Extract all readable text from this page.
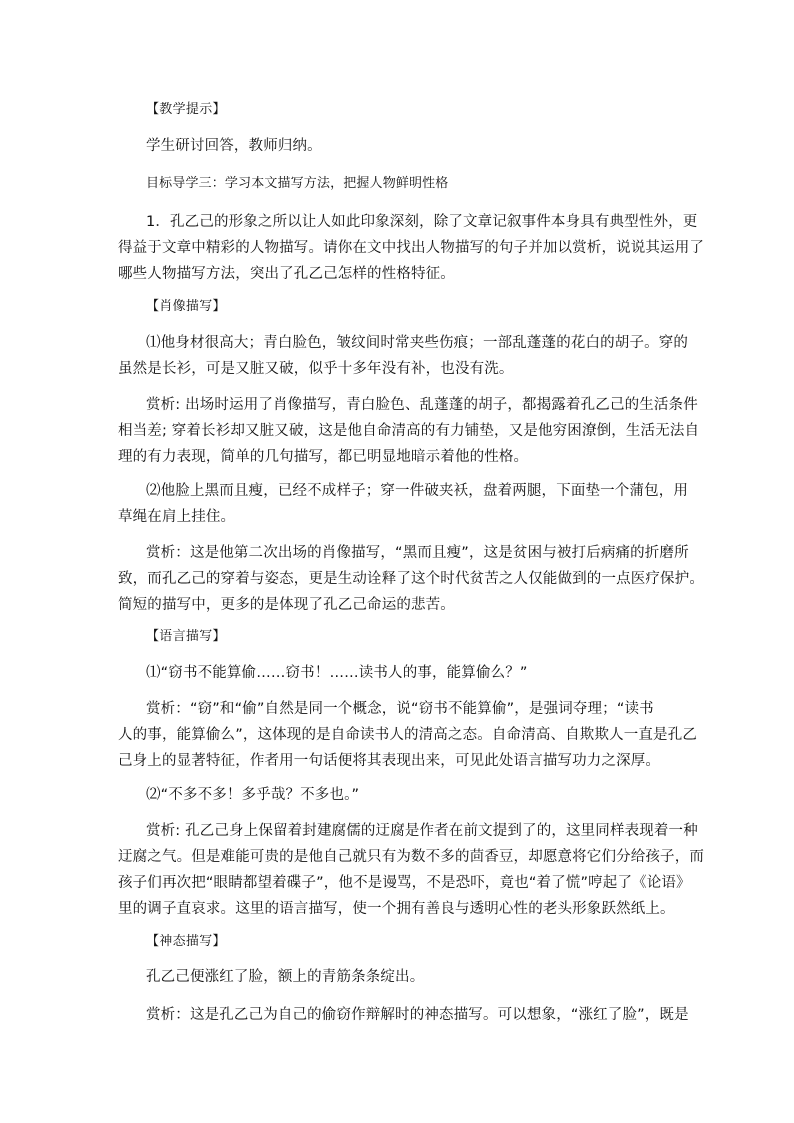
【教学提示】
学生研讨回答，教师归纳。
目标导学三：学习本文描写方法，把握人物鲜明性格
1．孔乙己的形象之所以让人如此印象深刻，除了文章记叙事件本身具有典型性外，更
得益于文章中精彩的人物描写。请你在文中找出人物描写的句子并加以赏析，说说其运用了
哪些人物描写方法，突出了孔乙己怎样的性格特征。
【肖像描写】
⑴他身材很高大；青白脸色，皱纹间时常夹些伤痕；一部乱蓬蓬的花白的胡子。穿的
虽然是长衫，可是又脏又破，似乎十多年没有补，也没有洗。
赏析: 出场时运用了肖像描写，青白脸色、乱蓬蓬的胡子，都揭露着孔乙己的生活条件
相当差; 穿着长衫却又脏又破，这是他自命清高的有力铺垫，又是他穷困潦倒，生活无法自
理的有力表现，简单的几句描写，都已明显地暗示着他的性格。
⑵他脸上黑而且瘦，已经不成样子；穿一件破夹袄，盘着两腿，下面垫一个蒲包，用
草绳在肩上挂住。
赏析：这是他第二次出场的肖像描写，“黑而且瘦”，这是贫困与被打后病痛的折磨所
致，而孔乙己的穿着与姿态，更是生动诠释了这个时代贫苦之人仅能做到的一点医疗保护。
简短的描写中，更多的是体现了孔乙己命运的悲苦。
【语言描写】
⑴“窃书不能算偷……窃书！……读书人的事，能算偷么？”
赏析：“窃”和“偷”自然是同一个概念，说“窃书不能算偷”，是强词夺理；“读书
人的事，能算偷么”，这体现的是自命读书人的清高之态。自命清高、自欺欺人一直是孔乙
己身上的显著特征，作者用一句话便将其表现出来，可见此处语言描写功力之深厚。
⑵“不多不多！多乎哉？不多也。”
赏析: 孔乙己身上保留着封建腐儒的迂腐是作者在前文提到了的，这里同样表现着一种
迂腐之气。但是难能可贵的是他自己就只有为数不多的茴香豆，却愿意将它们分给孩子，而
孩子们再次把“眼睛都望着碟子”，他不是谩骂，不是恐吓，竟也“着了慌”哼起了《论语》
里的调子直哀求。这里的语言描写，使一个拥有善良与透明心性的老头形象跃然纸上。
【神态描写】
孔乙己便涨红了脸，额上的青筋条条绽出。
赏析：这是孔乙己为自己的偷窃作辩解时的神态描写。可以想象，“涨红了脸”，既是
